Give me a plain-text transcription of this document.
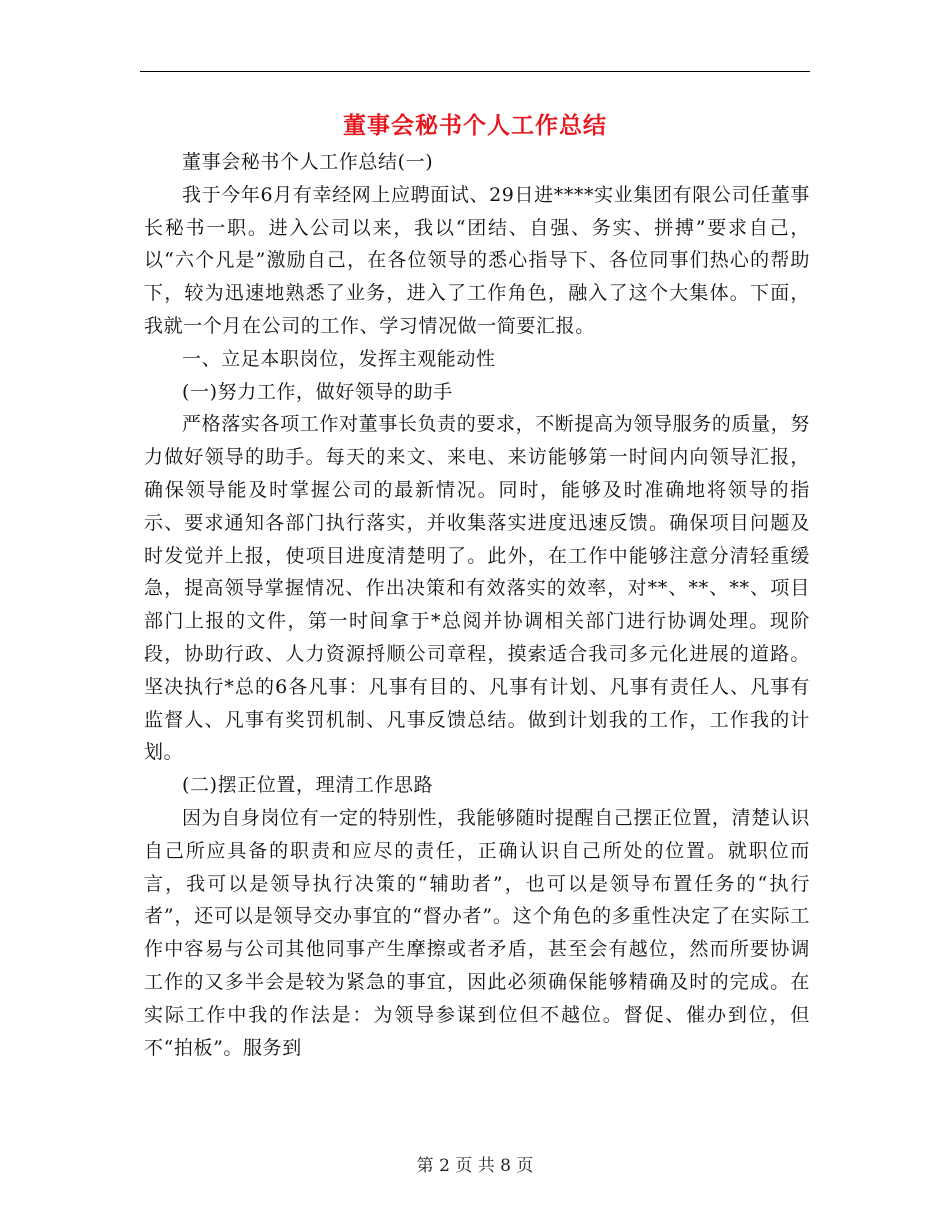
董事会秘书个人工作总结

董事会秘书个人工作总结(一)

我于今年6月有幸经网上应聘面试、29日进****实业集团有限公司任董事长秘书一职。进入公司以来，我以“团结、自强、务实、拼搏”要求自己，以“六个凡是”激励自己，在各位领导的悉心指导下、各位同事们热心的帮助下，较为迅速地熟悉了业务，进入了工作角色，融入了这个大集体。下面，我就一个月在公司的工作、学习情况做一简要汇报。

一、立足本职岗位，发挥主观能动性

(一)努力工作，做好领导的助手

严格落实各项工作对董事长负责的要求，不断提高为领导服务的质量，努力做好领导的助手。每天的来文、来电、来访能够第一时间内向领导汇报，确保领导能及时掌握公司的最新情况。同时，能够及时准确地将领导的指示、要求通知各部门执行落实，并收集落实进度迅速反馈。确保项目问题及时发觉并上报，使项目进度清楚明了。此外，在工作中能够注意分清轻重缓急，提高领导掌握情况、作出决策和有效落实的效率，对**、**、**、项目部门上报的文件，第一时间拿于*总阅并协调相关部门进行协调处理。现阶段，协助行政、人力资源捋顺公司章程，摸索适合我司多元化进展的道路。坚决执行*总的6各凡事：凡事有目的、凡事有计划、凡事有责任人、凡事有监督人、凡事有奖罚机制、凡事反馈总结。做到计划我的工作，工作我的计划。

(二)摆正位置，理清工作思路

因为自身岗位有一定的特别性，我能够随时提醒自己摆正位置，清楚认识自己所应具备的职责和应尽的责任，正确认识自己所处的位置。就职位而言，我可以是领导执行决策的“辅助者”，也可以是领导布置任务的“执行者”，还可以是领导交办事宜的“督办者”。这个角色的多重性决定了在实际工作中容易与公司其他同事产生摩擦或者矛盾，甚至会有越位，然而所要协调工作的又多半会是较为紧急的事宜，因此必须确保能够精确及时的完成。在实际工作中我的作法是：为领导参谋到位但不越位。督促、催办到位，但不“拍板”。服务到

第 2 页 共 8 页
